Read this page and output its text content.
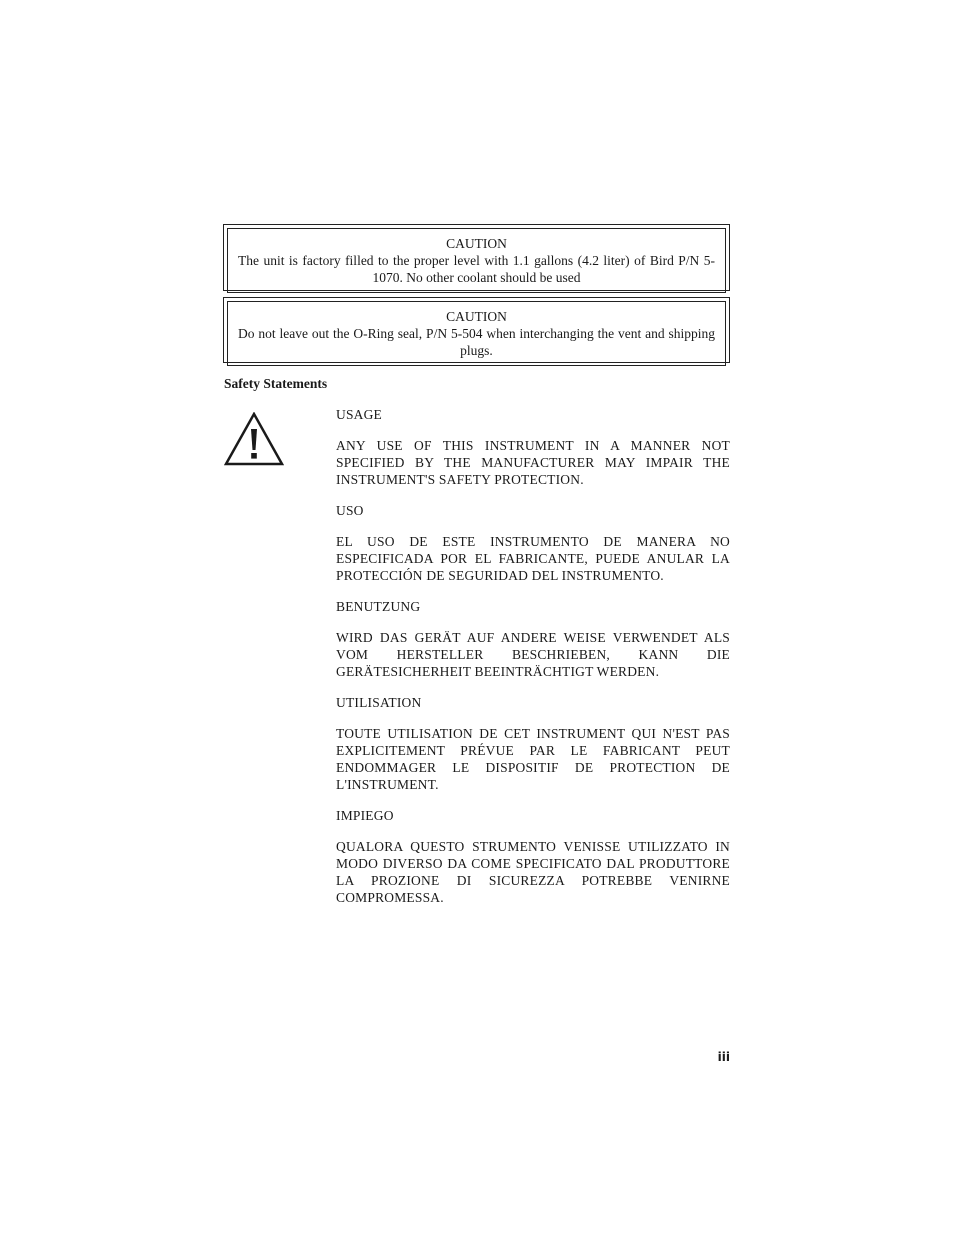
CAUTION
The unit is factory filled to the proper level with 1.1 gallons (4.2 liter) of Bird P/N 5-1070. No other coolant should be used
CAUTION
Do not leave out the O-Ring seal, P/N 5-504 when interchanging the vent and shipping plugs.
Safety Statements

USAGE

ANY USE OF THIS INSTRUMENT IN A MANNER NOT SPECIFIED BY THE MANUFACTURER MAY IMPAIR THE INSTRUMENT'S SAFETY PROTECTION.

USO

EL USO DE ESTE INSTRUMENTO DE MANERA NO ESPECIFICADA POR EL FABRICANTE, PUEDE ANULAR LA PROTECCIÓN DE SEGURIDAD DEL INSTRUMENTO.

BENUTZUNG

WIRD DAS GERÄT AUF ANDERE WEISE VERWENDET ALS VOM HERSTELLER BESCHRIEBEN, KANN DIE GERÄTESICHERHEIT BEEINTRÄCHTIGT WERDEN.

UTILISATION

TOUTE UTILISATION DE CET INSTRUMENT QUI N'EST PAS EXPLICITEMENT PRÉVUE PAR LE FABRICANT PEUT ENDOMMAGER LE DISPOSITIF DE PROTECTION DE L'INSTRUMENT.

IMPIEGO

QUALORA QUESTO STRUMENTO VENISSE UTILIZZATO IN MODO DIVERSO DA COME SPECIFICATO DAL PRODUTTORE LA PROZIONE DI SICUREZZA POTREBBE VENIRNE COMPROMESSA.

iii
